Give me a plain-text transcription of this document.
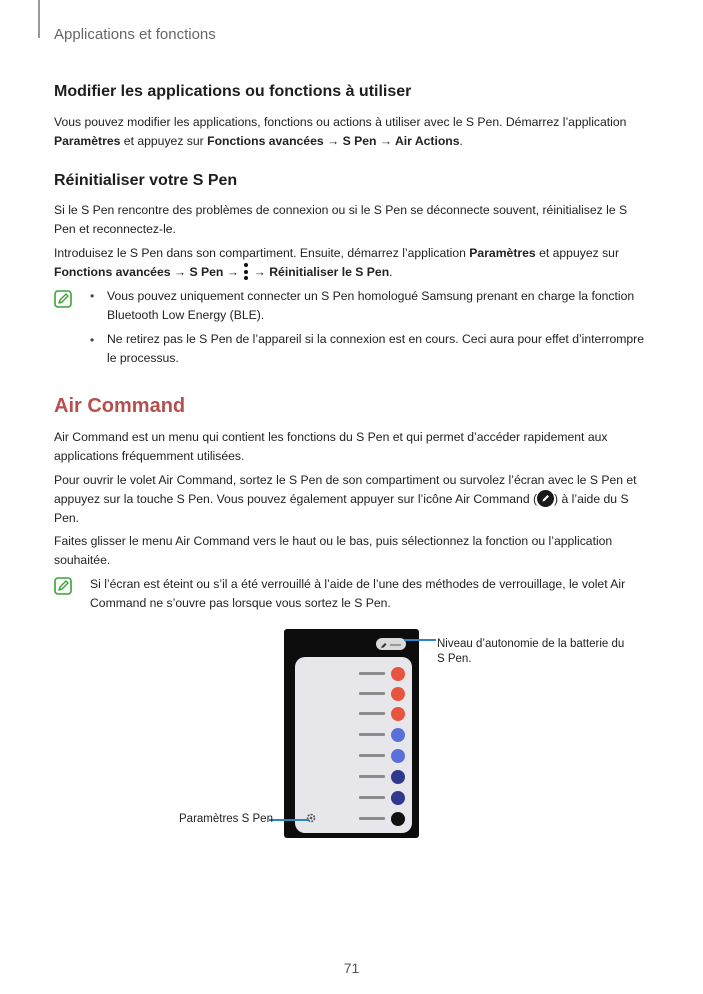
Applications et fonctions
Modifier les applications ou fonctions à utiliser
Vous pouvez modifier les applications, fonctions ou actions à utiliser avec le S Pen. Démarrez l’application Paramètres et appuyez sur Fonctions avancées → S Pen → Air Actions.
Réinitialiser votre S Pen
Si le S Pen rencontre des problèmes de connexion ou si le S Pen se déconnecte souvent, réinitialisez le S Pen et reconnectez-le.
Introduisez le S Pen dans son compartiment. Ensuite, démarrez l’application Paramètres et appuyez sur Fonctions avancées → S Pen →
→ Réinitialiser le S Pen.
• Vous pouvez uniquement connecter un S Pen homologué Samsung prenant en charge la fonction Bluetooth Low Energy (BLE).
• Ne retirez pas le S Pen de l’appareil si la connexion est en cours. Ceci aura pour effet d’interrompre le processus.
Air Command
Air Command est un menu qui contient les fonctions du S Pen et qui permet d’accéder rapidement aux applications fréquemment utilisées.
Pour ouvrir le volet Air Command, sortez le S Pen de son compartiment ou survolez l’écran avec le S Pen et appuyez sur la touche S Pen. Vous pouvez également appuyer sur l’icône Air Command ( ) à l’aide du S Pen.
Faites glisser le menu Air Command vers le haut ou le bas, puis sélectionnez la fonction ou l’application souhaitée.
Si l’écran est éteint ou s’il a été verrouillé à l’aide de l’une des méthodes de verrouillage, le volet Air Command ne s’ouvre pas lorsque vous sortez le S Pen.
Niveau d’autonomie de la batterie du S Pen.
Paramètres S Pen
71
